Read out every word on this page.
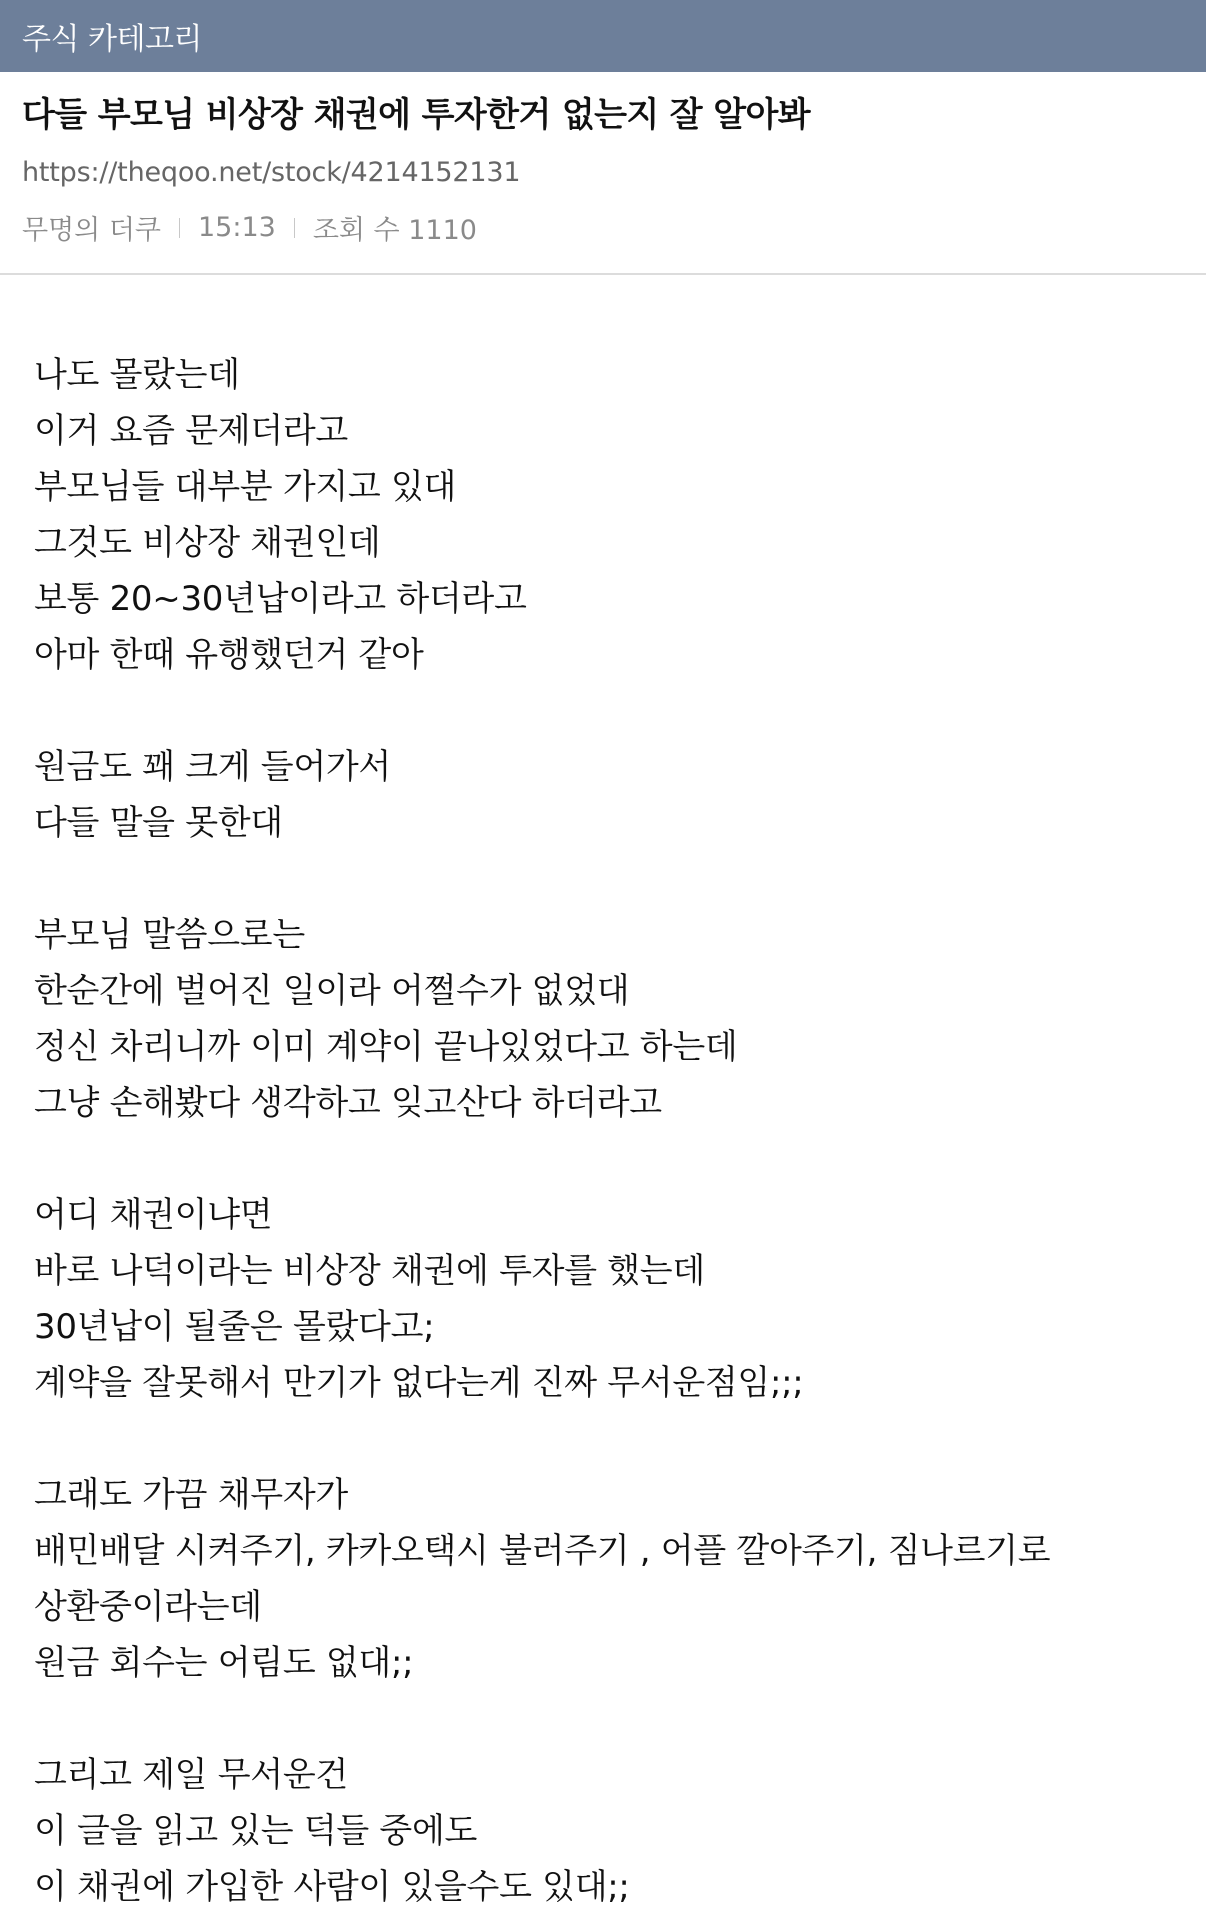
주식 카테고리
다들 부모님 비상장 채권에 투자한거 없는지 잘 알아봐
https://theqoo.net/stock/4214152131
무명의 더쿠 15:13 조회 수 1110
나도 몰랐는데
이거 요즘 문제더라고
부모님들 대부분 가지고 있대
그것도 비상장 채권인데
보통 20~30년납이라고 하더라고
아마 한때 유행했던거 같아
원금도 꽤 크게 들어가서
다들 말을 못한대
부모님 말씀으로는
한순간에 벌어진 일이라 어쩔수가 없었대
정신 차리니까 이미 계약이 끝나있었다고 하는데
그냥 손해봤다 생각하고 잊고산다 하더라고
어디 채권이냐면
바로 나덕이라는 비상장 채권에 투자를 했는데
30년납이 될줄은 몰랐다고;
계약을 잘못해서 만기가 없다는게 진짜 무서운점임;;;
그래도 가끔 채무자가
배민배달 시켜주기, 카카오택시 불러주기 , 어플 깔아주기, 짐나르기로
상환중이라는데
원금 회수는 어림도 없대;;
그리고 제일 무서운건
이 글을 읽고 있는 덕들 중에도
이 채권에 가입한 사람이 있을수도 있대;;
